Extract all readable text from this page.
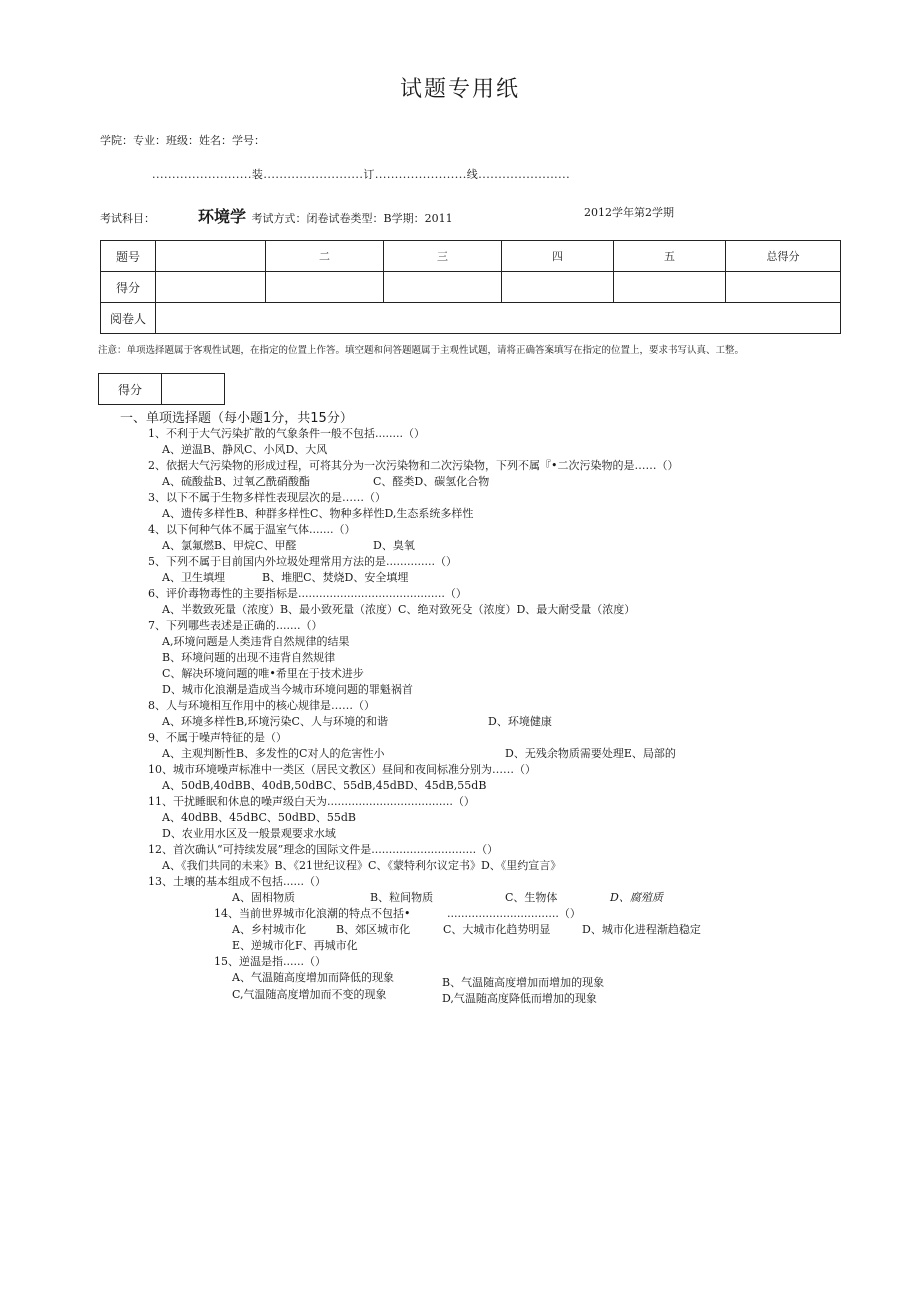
试题专用纸
学院：专业：班级：姓名：学号：
.........................装.........................订.......................线.......................
考试科目：	环境学 考试方式：闭卷试卷类型：B学期：2011	2012学年第2学期
题号		二	三	四	五	总得分
得分						
阅卷人						
注意：单项选择题属于客观性试题，在指定的位置上作答。填空题和问答题题属于主观性试题，请将正确答案填写在指定的位置上，要求书写认真、工整。
得分	
一、单项选择题（每小题1分，共15分）
1、不利于大气污染扩散的气象条件一般不包括........（）
A、逆温B、静风C、小风D、大风
2、依据大气污染物的形成过程，可将其分为一次污染物和二次污染物，下列不属『•二次污染物的是……（）
A、硫酸盐B、过氧乙酰硝酸酯	C、醛类D、碳氢化合物
3、以下不属于生物多样性表现层次的是……（）
A、遗传多样性B、种群多样性C、物种多样性D,生态系统多样性
4、以下何种气体不属于温室气体.......（）
A、氯氟燃B、甲烷C、甲醛	D、臭氧
5、下列不属于目前国内外垃圾处理常用方法的是..............（）
A、卫生填埋	B、堆肥C、焚烧D、安全填埋
6、评价毒物毒性的主要指标是..........................................（）
A、半数致死量（浓度）B、最小致死量（浓度）C、绝对致死殳（浓度）D、最大耐受量（浓度）
7、下列哪些表述是正确的.......（）
A,环境问题是人类违背自然规律的结果
B、环境问题的出现不违背自然规律
C、解决环境问题的唯•希里在于技术进步
D、城市化浪潮是造成当今城市环境问题的罪魁祸首
8、人与环境相互作用中的核心规律是……（）
A、环境多样性B,环境污染C、人与环境的和谐	D、环境健康
9、不属于噪声特征的是（）
A、主观判断性B、多发性的C对人的危害性小	D、无残余物质需要处理E、局部的
10、城市环境噪声标准中一类区（居民文教区）昼间和夜间标准分别为……（）
A、50dB,40dBB、40dB,50dBC、55dB,45dBD、45dB,55dB
11、干扰睡眠和休息的噪声级白天为....................................（）
A、40dBB、45dBC、50dBD、55dB
D、农业用水区及一般景观要求水域
12、首次确认“可持续发展”理念的国际文件是..............................（）
A、《我们共同的未来》B、《21世纪议程》C、《蒙特利尔议定书》D、《里约宣言》
13、土壤的基本组成不包括......（）
A、固相物质	B、粒间物质	C、生物体	D、腐殖质
14、当前世界城市化浪潮的特点不包括•	................................（）
A、乡村城市化	B、郊区城市化	C、大城市化趋势明显	D、城市化进程渐趋稳定
E、逆城市化F、再城市化
15、逆温是指......（）
A、气温随高度增加而降低的现象	B、气温随高度增加而增加的现象
C,气温随高度增加而不变的现象	D,气温随高度降低而增加的现象
